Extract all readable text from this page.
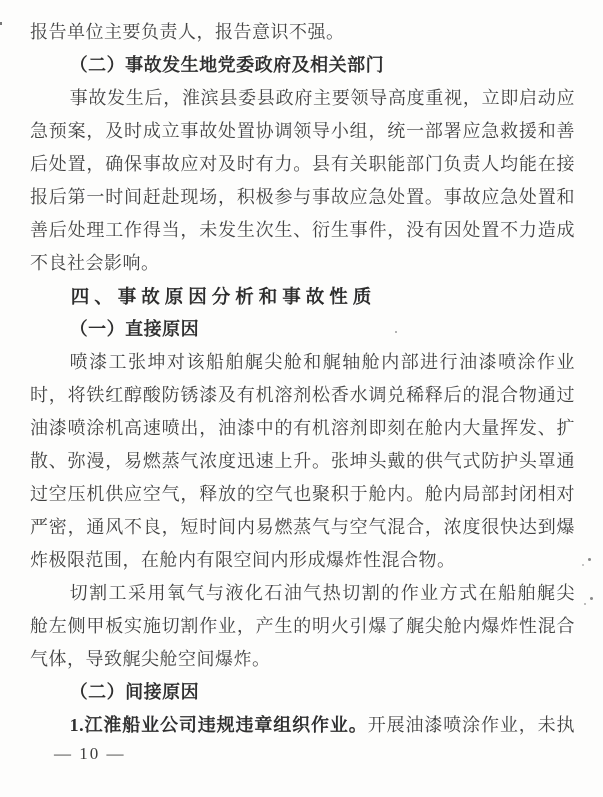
报告单位主要负责人，报告意识不强。
（二）事故发生地党委政府及相关部门
事故发生后，淮滨县委县政府主要领导高度重视，立即启动应
急预案，及时成立事故处置协调领导小组，统一部署应急救援和善
后处置，确保事故应对及时有力。县有关职能部门负责人均能在接
报后第一时间赶赴现场，积极参与事故应急处置。事故应急处置和
善后处理工作得当，未发生次生、衍生事件，没有因处置不力造成
不良社会影响。
四、事故原因分析和事故性质
（一）直接原因
喷漆工张坤对该船舶艉尖舱和艉轴舱内部进行油漆喷涂作业
时，将铁红醇酸防锈漆及有机溶剂松香水调兑稀释后的混合物通过
油漆喷涂机高速喷出，油漆中的有机溶剂即刻在舱内大量挥发、扩
散、弥漫，易燃蒸气浓度迅速上升。张坤头戴的供气式防护头罩通
过空压机供应空气，释放的空气也聚积于舱内。舱内局部封闭相对
严密，通风不良，短时间内易燃蒸气与空气混合，浓度很快达到爆
炸极限范围，在舱内有限空间内形成爆炸性混合物。
切割工采用氧气与液化石油气热切割的作业方式在船舶艉尖
舱左侧甲板实施切割作业，产生的明火引爆了艉尖舱内爆炸性混合
气体，导致艉尖舱空间爆炸。
（二）间接原因
1.江淮船业公司违规违章组织作业。开展油漆喷涂作业，未执
— 10 —
